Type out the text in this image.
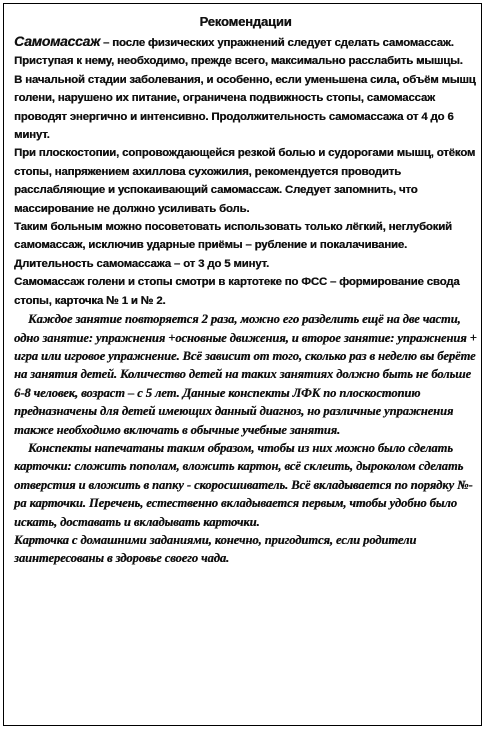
Рекомендации

Самомассаж – после физических упражнений следует сделать самомассаж. Приступая к нему, необходимо, прежде всего, максимально расслабить мышцы.

В начальной стадии заболевания, и особенно, если уменьшена сила, объём мышц голени, нарушено их питание, ограничена подвижность стопы, самомассаж проводят энергично и интенсивно. Продолжительность самомассажа от 4 до 6 минут.

При плоскостопии, сопровождающейся резкой болью и судорогами мышц, отёком стопы, напряжением ахиллова сухожилия, рекомендуется проводить расслабляющие и успокаивающий самомассаж. Следует запомнить, что массирование не должно усиливать боль.

Таким больным можно посоветовать использовать только лёгкий, неглубокий самомассаж, исключив ударные приёмы – рубление и покалачивание.

Длительность самомассажа – от 3 до 5 минут.

Самомассаж голени и стопы смотри в картотеке по ФСС – формирование свода стопы, карточка № 1 и № 2.

Каждое занятие повторяется 2 раза, можно его разделить ещё на две части, одно занятие: упражнения +основные движения, и второе занятие: упражнения + игра или игровое упражнение. Всё зависит от того, сколько раз в неделю вы берёте на занятия детей. Количество детей на таких занятиях должно быть не больше 6-8 человек, возраст – с 5 лет. Данные конспекты ЛФК по плоскостопию предназначены для детей имеющих данный диагноз, но различные упражнения также необходимо включать в обычные учебные занятия.

Конспекты напечатаны таким образом, чтобы из них можно было сделать карточки: сложить пополам, вложить картон, всё склеить, дыроколом сделать отверстия и вложить в папку - скоросшиватель. Всё вкладывается по порядку №-ра карточки. Перечень, естественно вкладывается первым, чтобы удобно было искать, доставать и вкладывать карточки.

Карточка с домашними заданиями, конечно, пригодится, если родители заинтересованы в здоровье своего чада.
